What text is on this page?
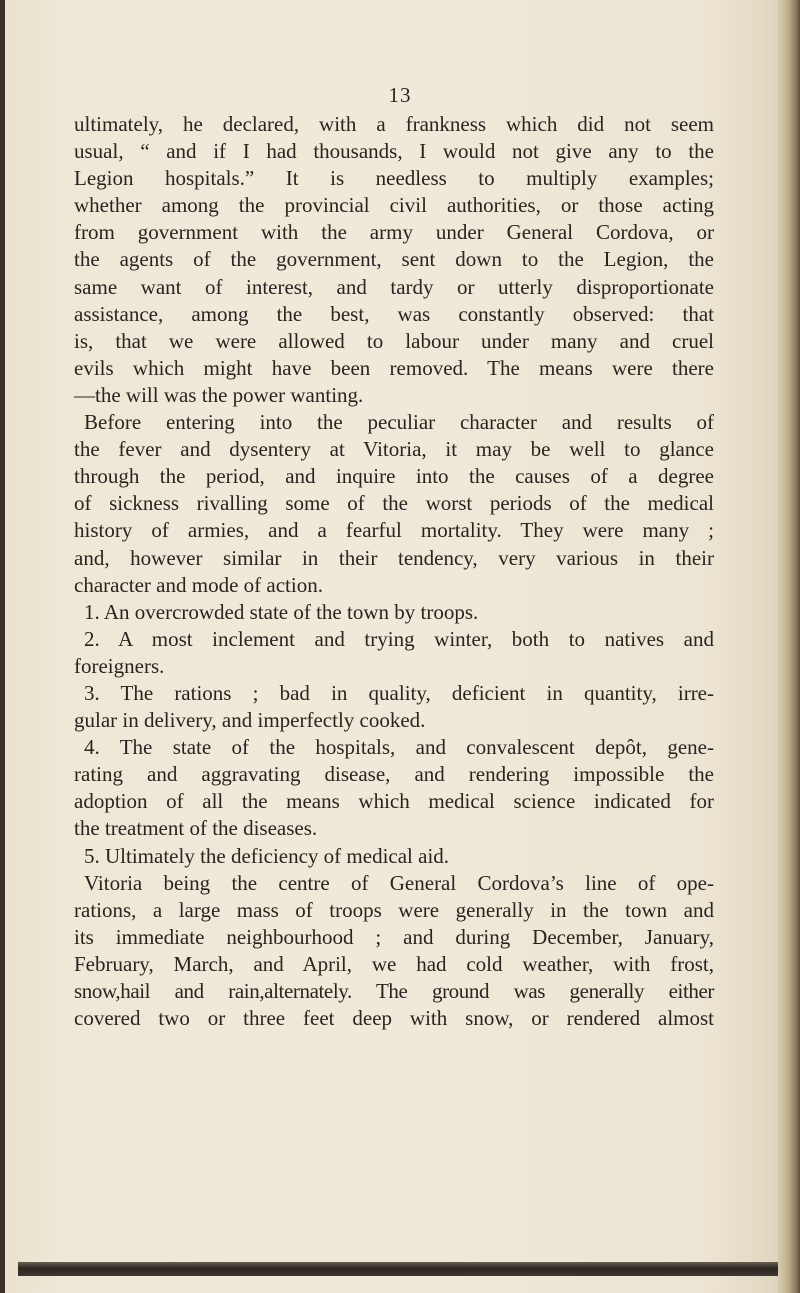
13
ultimately, he declared, with a frankness which did not seem
usual, “ and if I had thousands, I would not give any to the
Legion hospitals.” It is needless to multiply examples;
whether among the provincial civil authorities, or those acting
from government with the army under General Cordova, or
the agents of the government, sent down to the Legion, the
same want of interest, and tardy or utterly disproportionate
assistance, among the best, was constantly observed: that
is, that we were allowed to labour under many and cruel
evils which might have been removed. The means were there
—the will was the power wanting.
Before entering into the peculiar character and results of
the fever and dysentery at Vitoria, it may be well to glance
through the period, and inquire into the causes of a degree
of sickness rivalling some of the worst periods of the medical
history of armies, and a fearful mortality. They were many ;
and, however similar in their tendency, very various in their
character and mode of action.
1. An overcrowded state of the town by troops.
2. A most inclement and trying winter, both to natives and
foreigners.
3. The rations ; bad in quality, deficient in quantity, irre-
gular in delivery, and imperfectly cooked.
4. The state of the hospitals, and convalescent depôt, gene-
rating and aggravating disease, and rendering impossible the
adoption of all the means which medical science indicated for
the treatment of the diseases.
5. Ultimately the deficiency of medical aid.
Vitoria being the centre of General Cordova’s line of ope-
rations, a large mass of troops were generally in the town and
its immediate neighbourhood ; and during December, January,
February, March, and April, we had cold weather, with frost,
snow,hail and rain,alternately. The ground was generally either
covered two or three feet deep with snow, or rendered almost
